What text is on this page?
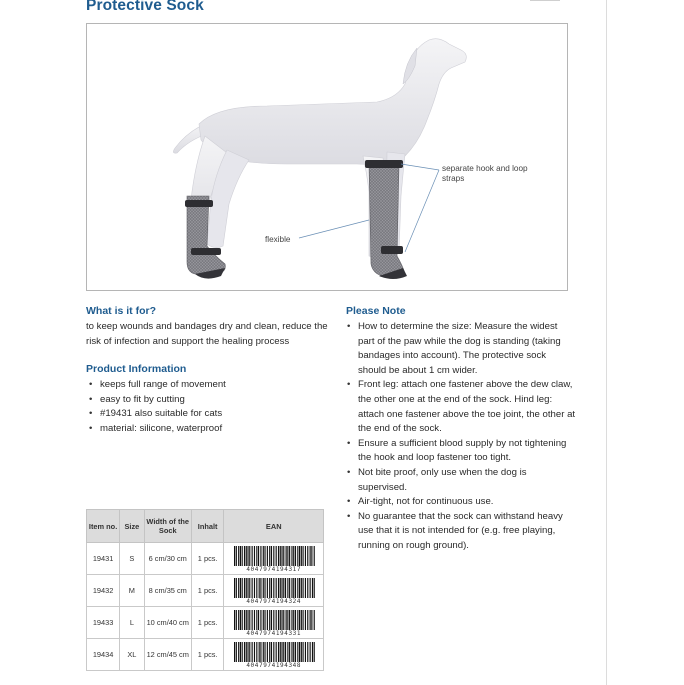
Protective Sock
separate hook and loop straps
flexible
What is it for?

to keep wounds and bandages dry and clean, reduce the risk of infection and support the healing process

Product Information
• keeps full range of movement
• easy to fit by cutting
• #19431 also suitable for cats
• material: silicone, waterproof
Please Note
• How to determine the size: Measure the widest part of the paw while the dog is standing (taking bandages into account). The protective sock should be about 1 cm wider.
• Front leg: attach one fastener above the dew claw, the other one at the end of the sock. Hind leg: attach one fastener above the toe joint, the other at the end of the sock.
• Ensure a sufficient blood supply by not tightening the hook and loop fastener too tight.
• Not bite proof, only use when the dog is supervised.
• Air-tight, not for continuous use.
• No guarantee that the sock can withstand heavy use that it is not intended for (e.g. free playing, running on rough ground).
Item no.	Size	Width of the Sock	Inhalt	EAN
19431	S	6 cm/30 cm	1 pcs.	4047974194317

19432	M	8 cm/35 cm	1 pcs.	4047974194324

19433	L	10 cm/40 cm	1 pcs.	4047974194331

19434	XL	12 cm/45 cm	1 pcs.	4047974194348
